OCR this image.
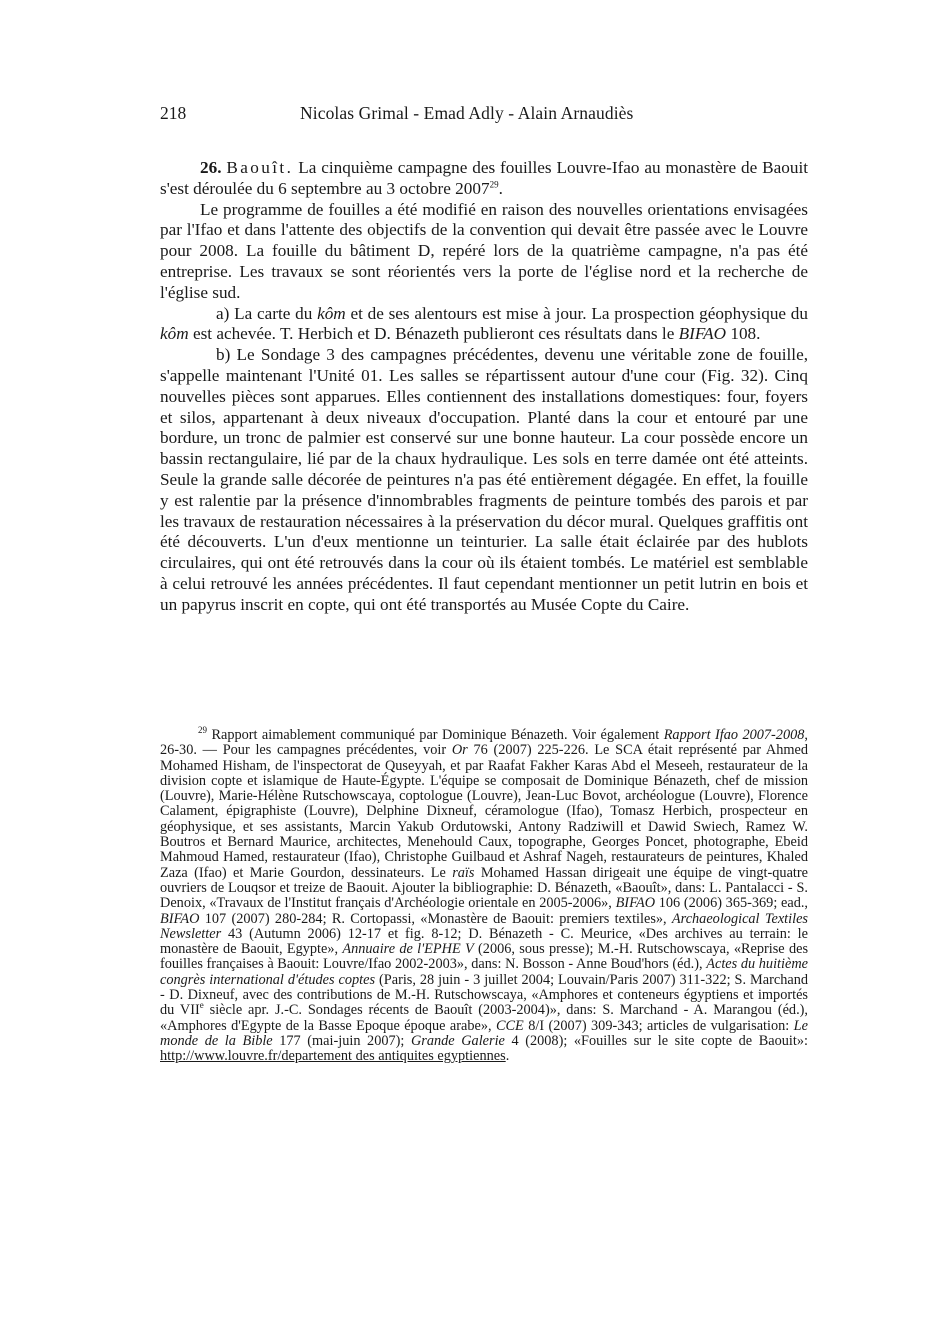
218	Nicolas Grimal - Emad Adly - Alain Arnaudiès

26. Baouît. La cinquième campagne des fouilles Louvre-Ifao au monastère de Baouit s'est déroulée du 6 septembre au 3 octobre 2007$^{29}$.

Le programme de fouilles a été modifié en raison des nouvelles orientations envisagées par l'Ifao et dans l'attente des objectifs de la convention qui devait être passée avec le Louvre pour 2008. La fouille du bâtiment D, repéré lors de la quatrième campagne, n'a pas été entreprise. Les travaux se sont réorientés vers la porte de l'église nord et la recherche de l'église sud.

a) La carte du kôm et de ses alentours est mise à jour. La prospection géophysique du kôm est achevée. T. Herbich et D. Bénazeth publieront ces résultats dans le BIFAO 108.

b) Le Sondage 3 des campagnes précédentes, devenu une véritable zone de fouille, s'appelle maintenant l'Unité 01. Les salles se répartissent autour d'une cour (Fig. 32). Cinq nouvelles pièces sont apparues. Elles contiennent des installations domestiques: four, foyers et silos, appartenant à deux niveaux d'occupation. Planté dans la cour et entouré par une bordure, un tronc de palmier est conservé sur une bonne hauteur. La cour possède encore un bassin rectangulaire, lié par de la chaux hydraulique. Les sols en terre damée ont été atteints. Seule la grande salle décorée de peintures n'a pas été entièrement dégagée. En effet, la fouille y est ralentie par la présence d'innombrables fragments de peinture tombés des parois et par les travaux de restauration nécessaires à la préservation du décor mural. Quelques graffitis ont été découverts. L'un d'eux mentionne un teinturier. La salle était éclairée par des hublots circulaires, qui ont été retrouvés dans la cour où ils étaient tombés. Le matériel est semblable à celui retrouvé les années précédentes. Il faut cependant mentionner un petit lutrin en bois et un papyrus inscrit en copte, qui ont été transportés au Musée Copte du Caire.

$^{29}$ Rapport aimablement communiqué par Dominique Bénazeth. Voir également Rapport Ifao 2007-2008, 26-30. — Pour les campagnes précédentes, voir Or 76 (2007) 225-226. Le SCA était représenté par Ahmed Mohamed Hisham, de l'inspectorat de Quseyyah, et par Raafat Fakher Karas Abd el Meseeh, restaurateur de la division copte et islamique de Haute-Égypte. L'équipe se composait de Dominique Bénazeth, chef de mission (Louvre), Marie-Hélène Rutschowscaya, coptologue (Louvre), Jean-Luc Bovot, archéologue (Louvre), Florence Calament, épigraphiste (Louvre), Delphine Dixneuf, céramologue (Ifao), Tomasz Herbich, prospecteur en géophysique, et ses assistants, Marcin Yakub Ordutowski, Antony Radziwill et Dawid Swiech, Ramez W. Boutros et Bernard Maurice, architectes, Menehould Caux, topographe, Georges Poncet, photographe, Ebeid Mahmoud Hamed, restaurateur (Ifao), Christophe Guilbaud et Ashraf Nageh, restaurateurs de peintures, Khaled Zaza (Ifao) et Marie Gourdon, dessinateurs. Le raïs Mohamed Hassan dirigeait une équipe de vingt-quatre ouvriers de Louqsor et treize de Baouit. Ajouter la bibliographie: D. Bénazeth, «Baouît», dans: L. Pantalacci - S. Denoix, «Travaux de l'Institut français d'Archéologie orientale en 2005-2006», BIFAO 106 (2006) 365-369; ead., BIFAO 107 (2007) 280-284; R. Cortopassi, «Monastère de Baouit: premiers textiles», Archaeological Textiles Newsletter 43 (Autumn 2006) 12-17 et fig. 8-12; D. Bénazeth - C. Meurice, «Des archives au terrain: le monastère de Baouit, Egypte», Annuaire de l'EPHE V (2006, sous presse); M.-H. Rutschowscaya, «Reprise des fouilles françaises à Baouit: Louvre/Ifao 2002-2003», dans: N. Bosson - Anne Boud'hors (éd.), Actes du huitième congrès international d'études coptes (Paris, 28 juin - 3 juillet 2004; Louvain/Paris 2007) 311-322; S. Marchand - D. Dixneuf, avec des contributions de M.-H. Rutschowscaya, «Amphores et conteneurs égyptiens et importés du VIIe siècle apr. J.-C. Sondages récents de Baouît (2003-2004)», dans: S. Marchand - A. Marangou (éd.), «Amphores d'Egypte de la Basse Epoque époque arabe», CCE 8/I (2007) 309-343; articles de vulgarisation: Le monde de la Bible 177 (mai-juin 2007); Grande Galerie 4 (2008); «Fouilles sur le site copte de Baouit»: http://www.louvre.fr/departement des antiquites egyptiennes.
